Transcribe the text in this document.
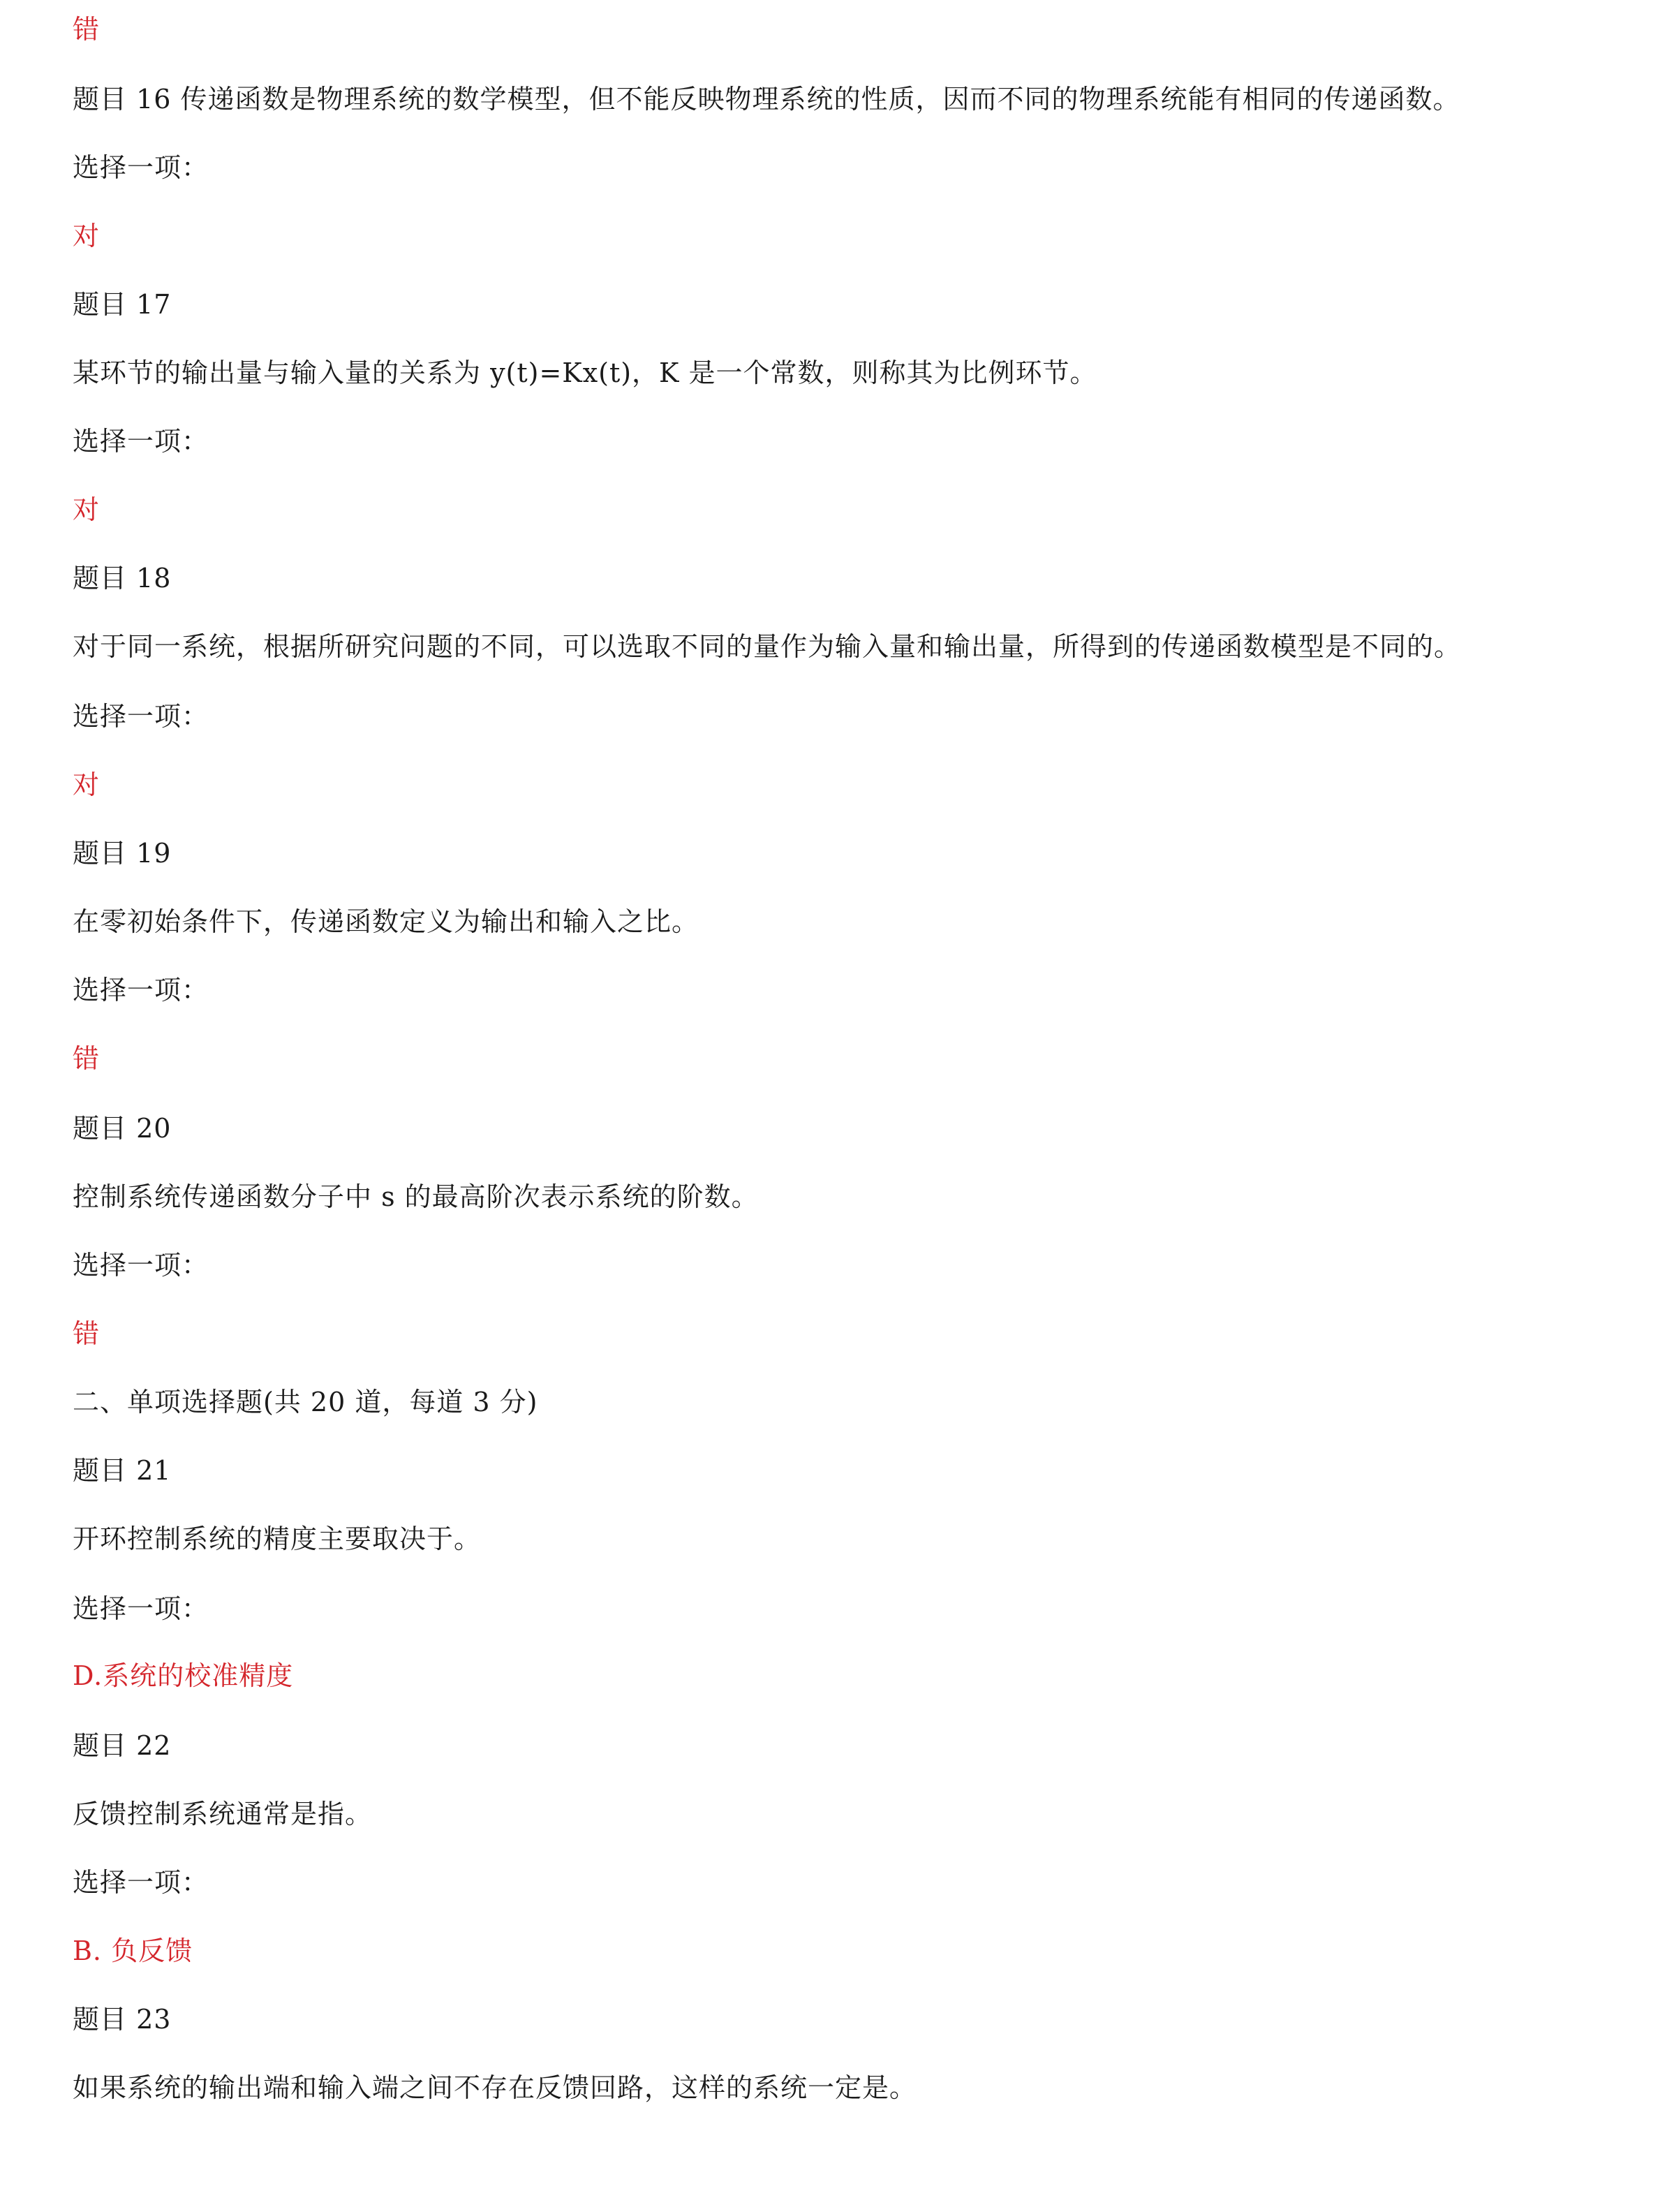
错
题目 16 传递函数是物理系统的数学模型，但不能反映物理系统的性质，因而不同的物理系统能有相同的传递函数。
选择一项：
对
题目 17
某环节的输出量与输入量的关系为 y(t)=Kx(t)，K 是一个常数，则称其为比例环节。
选择一项：
对
题目 18
对于同一系统，根据所研究问题的不同，可以选取不同的量作为输入量和输出量，所得到的传递函数模型是不同的。
选择一项：
对
题目 19
在零初始条件下，传递函数定义为输出和输入之比。
选择一项：
错
题目 20
控制系统传递函数分子中 s 的最高阶次表示系统的阶数。
选择一项：
错
二、单项选择题(共 20 道，每道 3 分)
题目 21
开环控制系统的精度主要取决于。
选择一项：
D.系统的校准精度
题目 22
反馈控制系统通常是指。
选择一项：
B. 负反馈
题目 23
如果系统的输出端和输入端之间不存在反馈回路，这样的系统一定是。
